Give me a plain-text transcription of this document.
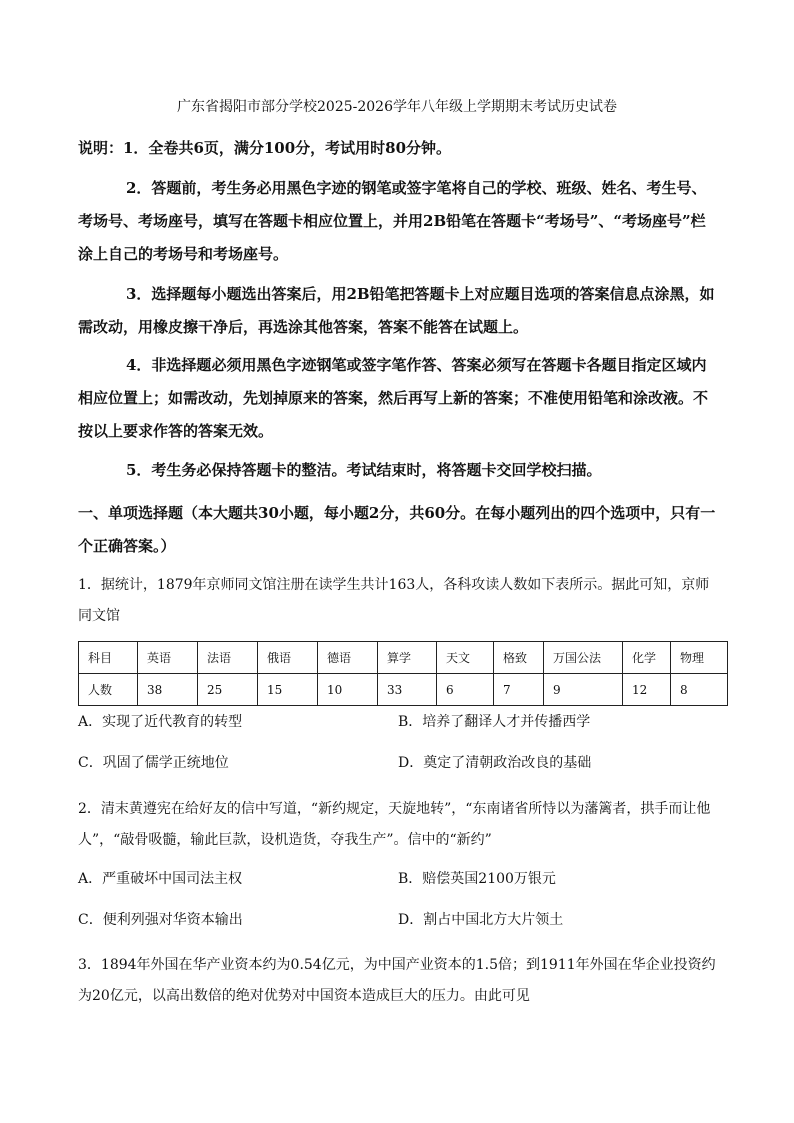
广东省揭阳市部分学校2025-2026学年八年级上学期期末考试历史试卷
说明：1．全卷共6页，满分100分，考试用时80分钟。
2．答题前，考生务必用黑色字迹的钢笔或签字笔将自己的学校、班级、姓名、考生号、考场号、考场座号，填写在答题卡相应位置上，并用2B铅笔在答题卡“考场号”、“考场座号”栏涂上自己的考场号和考场座号。
3．选择题每小题选出答案后，用2B铅笔把答题卡上对应题目选项的答案信息点涂黑，如需改动，用橡皮擦干净后，再选涂其他答案，答案不能答在试题上。
4．非选择题必须用黑色字迹钢笔或签字笔作答、答案必须写在答题卡各题目指定区域内相应位置上；如需改动，先划掉原来的答案，然后再写上新的答案；不准使用铅笔和涂改液。不按以上要求作答的答案无效。
5．考生务必保持答题卡的整洁。考试结束时，将答题卡交回学校扫描。
一、单项选择题（本大题共30小题，每小题2分，共60分。在每小题列出的四个选项中，只有一个正确答案。）
1．据统计，1879年京师同文馆注册在读学生共计163人，各科攻读人数如下表所示。据此可知，京师同文馆
科目	英语	法语	俄语	德语	算学	天文	格致	万国公法	化学	物理
人数	38	25	15	10	33	6	7	9	12	8
A．实现了近代教育的转型	B．培养了翻译人才并传播西学
C．巩固了儒学正统地位	D．奠定了清朝政治改良的基础
2．清末黄遵宪在给好友的信中写道，“新约规定，天旋地转”，“东南诸省所恃以为藩篱者，拱手而让他人”，“敲骨吸髓，输此巨款，设机造货，夺我生产”。信中的“新约”
A．严重破坏中国司法主权	B．赔偿英国2100万银元
C．便利列强对华资本输出	D．割占中国北方大片领土
3．1894年外国在华产业资本约为0.54亿元，为中国产业资本的1.5倍；到1911年外国在华企业投资约为20亿元，以高出数倍的绝对优势对中国资本造成巨大的压力。由此可见
